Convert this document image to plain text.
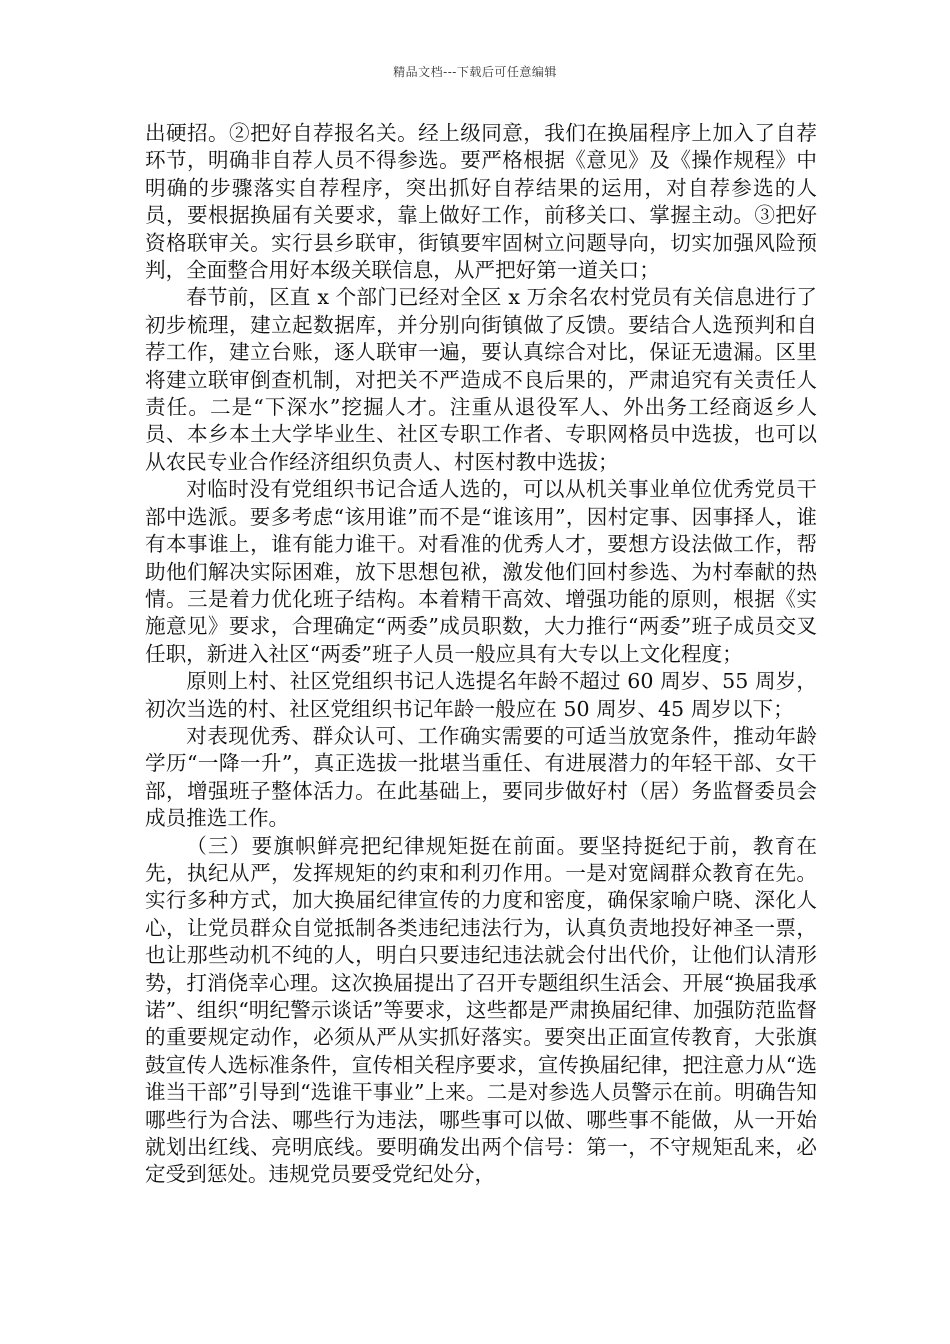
精品文档---下载后可任意编辑

出硬招。②把好自荐报名关。经上级同意，我们在换届程序上加入了自荐环节，明确非自荐人员不得参选。要严格根据《意见》及《操作规程》中明确的步骤落实自荐程序，突出抓好自荐结果的运用，对自荐参选的人员，要根据换届有关要求，靠上做好工作，前移关口、掌握主动。③把好资格联审关。实行县乡联审，街镇要牢固树立问题导向，切实加强风险预判，全面整合用好本级关联信息，从严把好第一道关口；

春节前，区直 x 个部门已经对全区 x 万余名农村党员有关信息进行了初步梳理，建立起数据库，并分别向街镇做了反馈。要结合人选预判和自荐工作，建立台账，逐人联审一遍，要认真综合对比，保证无遗漏。区里将建立联审倒查机制，对把关不严造成不良后果的，严肃追究有关责任人责任。二是“下深水”挖掘人才。注重从退役军人、外出务工经商返乡人员、本乡本土大学毕业生、社区专职工作者、专职网格员中选拔，也可以从农民专业合作经济组织负责人、村医村教中选拔；

对临时没有党组织书记合适人选的，可以从机关事业单位优秀党员干部中选派。要多考虑“该用谁”而不是“谁该用”，因村定事、因事择人，谁有本事谁上，谁有能力谁干。对看准的优秀人才，要想方设法做工作，帮助他们解决实际困难，放下思想包袱，激发他们回村参选、为村奉献的热情。三是着力优化班子结构。本着精干高效、增强功能的原则，根据《实施意见》要求，合理确定“两委”成员职数，大力推行“两委”班子成员交叉任职，新进入社区“两委”班子人员一般应具有大专以上文化程度；

原则上村、社区党组织书记人选提名年龄不超过 60 周岁、55 周岁，初次当选的村、社区党组织书记年龄一般应在 50 周岁、45 周岁以下；

对表现优秀、群众认可、工作确实需要的可适当放宽条件，推动年龄学历“一降一升”，真正选拔一批堪当重任、有进展潜力的年轻干部、女干部，增强班子整体活力。在此基础上，要同步做好村（居）务监督委员会成员推选工作。

（三）要旗帜鲜亮把纪律规矩挺在前面。要坚持挺纪于前，教育在先，执纪从严，发挥规矩的约束和利刃作用。一是对宽阔群众教育在先。实行多种方式，加大换届纪律宣传的力度和密度，确保家喻户晓、深化人心，让党员群众自觉抵制各类违纪违法行为，认真负责地投好神圣一票，也让那些动机不纯的人，明白只要违纪违法就会付出代价，让他们认清形势，打消侥幸心理。这次换届提出了召开专题组织生活会、开展“换届我承诺”、组织“明纪警示谈话”等要求，这些都是严肃换届纪律、加强防范监督的重要规定动作，必须从严从实抓好落实。要突出正面宣传教育，大张旗鼓宣传人选标准条件，宣传相关程序要求，宣传换届纪律，把注意力从“选谁当干部”引导到“选谁干事业”上来。二是对参选人员警示在前。明确告知哪些行为合法、哪些行为违法，哪些事可以做、哪些事不能做，从一开始就划出红线、亮明底线。要明确发出两个信号：第一，不守规矩乱来，必定受到惩处。违规党员要受党纪处分，
